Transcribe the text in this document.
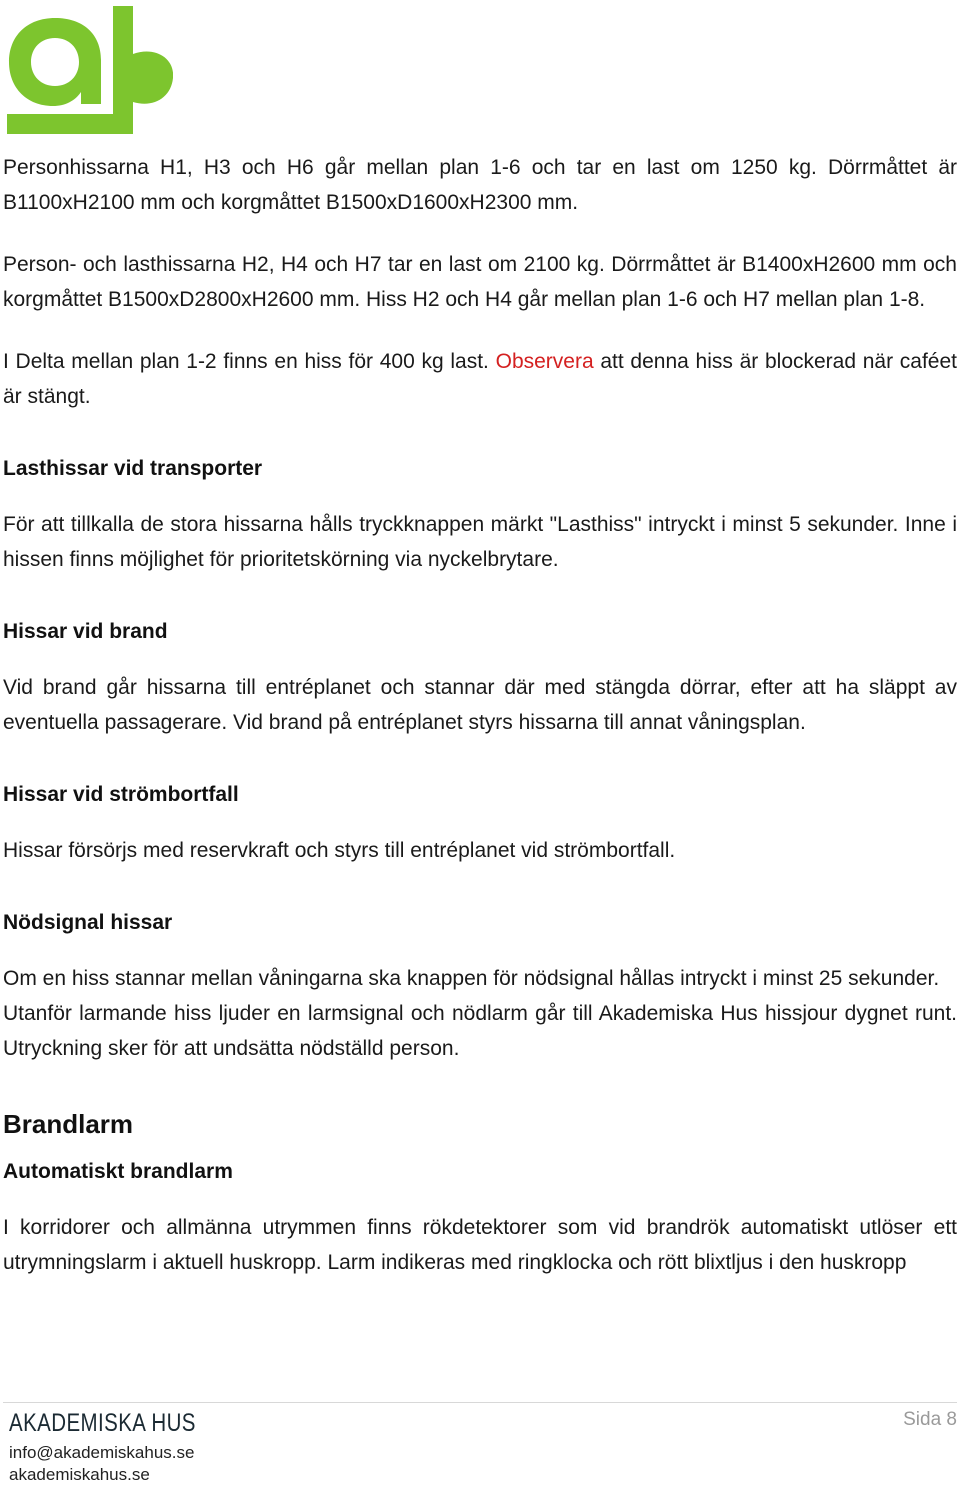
Personhissarna H1, H3 och H6 går mellan plan 1-6 och tar en last om 1250 kg. Dörrmåttet är B1100xH2100 mm och korgmåttet B1500xD1600xH2300 mm.

Person- och lasthissarna H2, H4 och H7 tar en last om 2100 kg. Dörrmåttet är B1400xH2600 mm och korgmåttet B1500xD2800xH2600 mm. Hiss H2 och H4 går mellan plan 1-6 och H7 mellan plan 1-8.

I Delta mellan plan 1-2 finns en hiss för 400 kg last. Observera att denna hiss är blockerad när caféet är stängt.

Lasthissar vid transporter

För att tillkalla de stora hissarna hålls tryckknappen märkt "Lasthiss" intryckt i minst 5 sekunder. Inne i hissen finns möjlighet för prioritetskörning via nyckelbrytare.

Hissar vid brand

Vid brand går hissarna till entréplanet och stannar där med stängda dörrar, efter att ha släppt av eventuella passagerare. Vid brand på entréplanet styrs hissarna till annat våningsplan.

Hissar vid strömbortfall

Hissar försörjs med reservkraft och styrs till entréplanet vid strömbortfall.

Nödsignal hissar

Om en hiss stannar mellan våningarna ska knappen för nödsignal hållas intryckt i minst 25 sekunder.

Utanför larmande hiss ljuder en larmsignal och nödlarm går till Akademiska Hus hissjour dygnet runt. Utryckning sker för att undsätta nödställd person.

Brandlarm
Automatiskt brandlarm

I korridorer och allmänna utrymmen finns rökdetektorer som vid brandrök automatiskt utlöser ett utrymningslarm i aktuell huskropp. Larm indikeras med ringklocka och rött blixtljus i den huskropp

AKADEMISKA HUS
info@akademiskahus.se
akademiskahus.se
Sida 8
